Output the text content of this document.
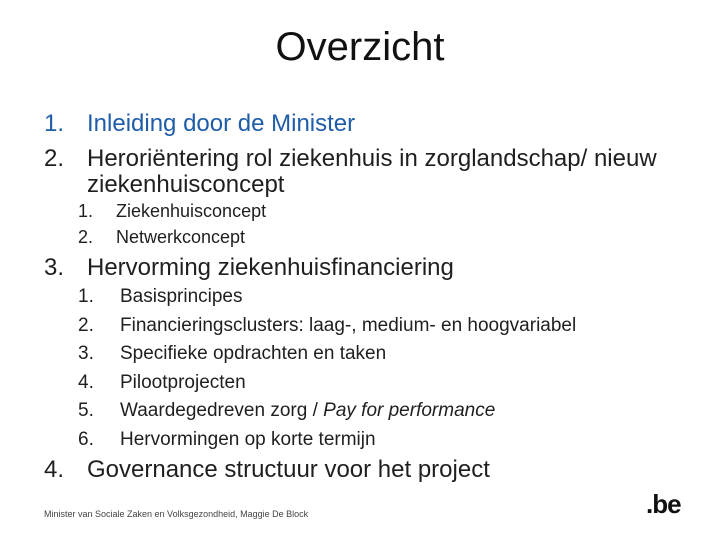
Overzicht
1. Inleiding door de Minister
2. Heroriëntering rol ziekenhuis in zorglandschap/ nieuw
ziekenhuisconcept
1. Ziekenhuisconcept
2. Netwerkconcept
3. Hervorming ziekenhuisfinanciering
1. Basisprincipes
2. Financieringsclusters: laag-, medium- en hoogvariabel
3. Specifieke opdrachten en taken
4. Pilootprojecten
5. Waardegedreven zorg / Pay for performance
6. Hervormingen op korte termijn
4. Governance structuur voor het project
Minister van Sociale Zaken en Volksgezondheid, Maggie De Block	.be
